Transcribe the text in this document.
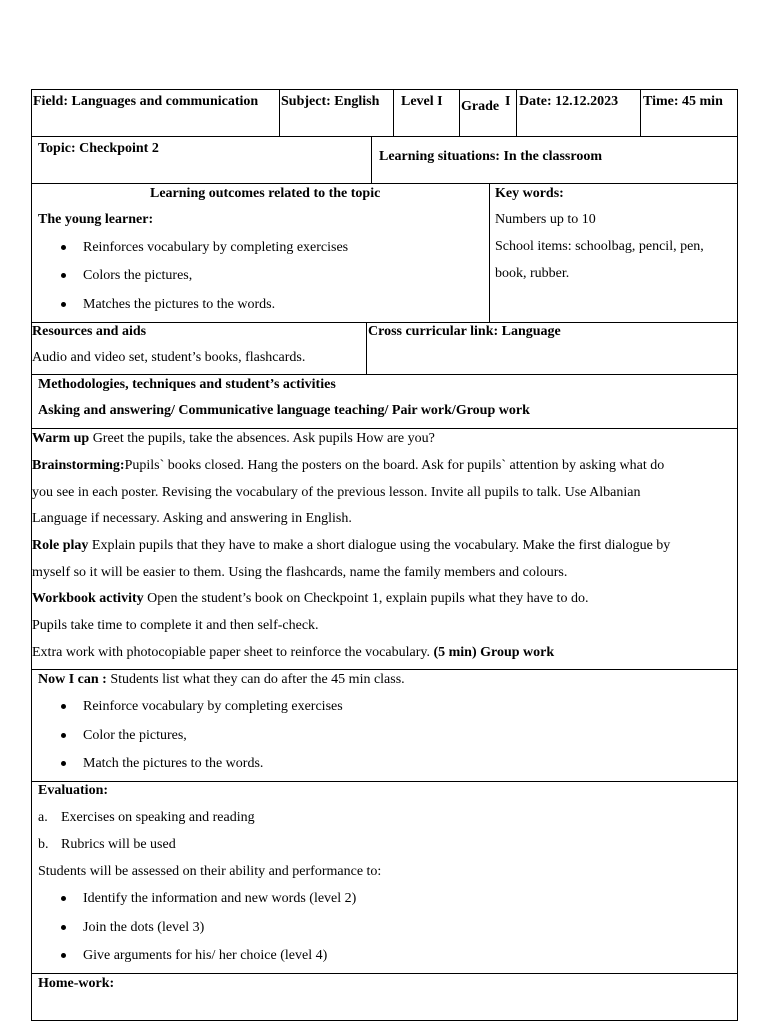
Field: Languages and communication Subject: English Level I Grade I Date: 12.12.2023 Time: 45 min
Topic: Checkpoint 2
Learning situations: In the classroom
Learning outcomes related to the topic
The young learner:
Reinforces vocabulary by completing exercises
Colors the pictures,
Matches the pictures to the words.
Key words:
Numbers up to 10
School items: schoolbag, pencil, pen,
book, rubber.
Resources and aids
Audio and video set, student’s books, flashcards.
Cross curricular link: Language
Methodologies, techniques and student’s activities
Asking and answering/ Communicative language teaching/ Pair work/Group work
Warm up Greet the pupils, take the absences. Ask pupils How are you?
Brainstorming:Pupils` books closed. Hang the posters on the board. Ask for pupils` attention by asking what do
you see in each poster. Revising the vocabulary of the previous lesson. Invite all pupils to talk. Use Albanian
Language if necessary. Asking and answering in English.
Role play Explain pupils that they have to make a short dialogue using the vocabulary. Make the first dialogue by
myself so it will be easier to them. Using the flashcards, name the family members and colours.
Workbook activity Open the student’s book on Checkpoint 1, explain pupils what they have to do.
Pupils take time to complete it and then self-check.
Extra work with photocopiable paper sheet to reinforce the vocabulary. (5 min) Group work
Now I can : Students list what they can do after the 45 min class.
Reinforce vocabulary by completing exercises
Color the pictures,
Match the pictures to the words.
Evaluation:
a. Exercises on speaking and reading
b. Rubrics will be used
Students will be assessed on their ability and performance to:
Identify the information and new words (level 2)
Join the dots (level 3)
Give arguments for his/ her choice (level 4)
Home-work:
